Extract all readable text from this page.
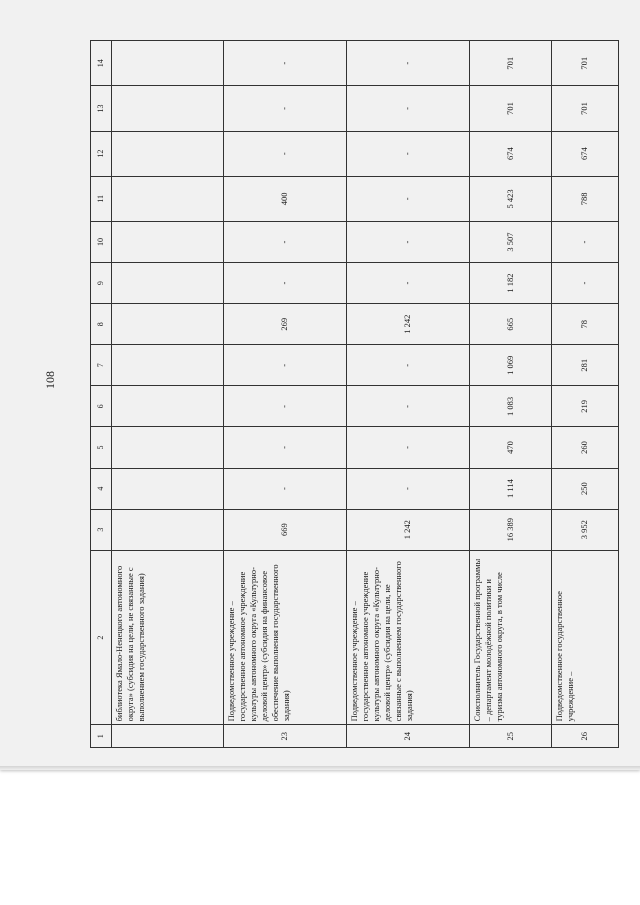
108
1	2	3	4	5	6	7	8	9	10	11	12	13	14
	библиотека Ямало-Ненецкого автономного округа» (субсидия на цели, не связанные с выполнением государственного задания)												
23	Подведомственное учреждение – государственное автономное учреждение культуры автономного округа «Культурно-деловой центр» (субсидия на финансовое обеспечение выполнения государственного задания)	669	-	-	-	-	269	-	-	400	-	-	-
24	Подведомственное учреждение – государственное автономное учреждение культуры автономного округа «Культурно-деловой центр» (субсидия на цели, не связанные с выполнением государственного задания)	1 242	-	-	-	-	1 242	-	-	-	-	-	-
25	Соисполнитель Государственной программы – департамент молодёжной политики и туризма автономного округа, в том числе	16 389	1 114	470	1 083	1 069	665	1 182	3 507	5 423	674	701	701
26	Подведомственное государственное учреждение –	3 952	250	260	219	281	78	-	-	788	674	701	701
